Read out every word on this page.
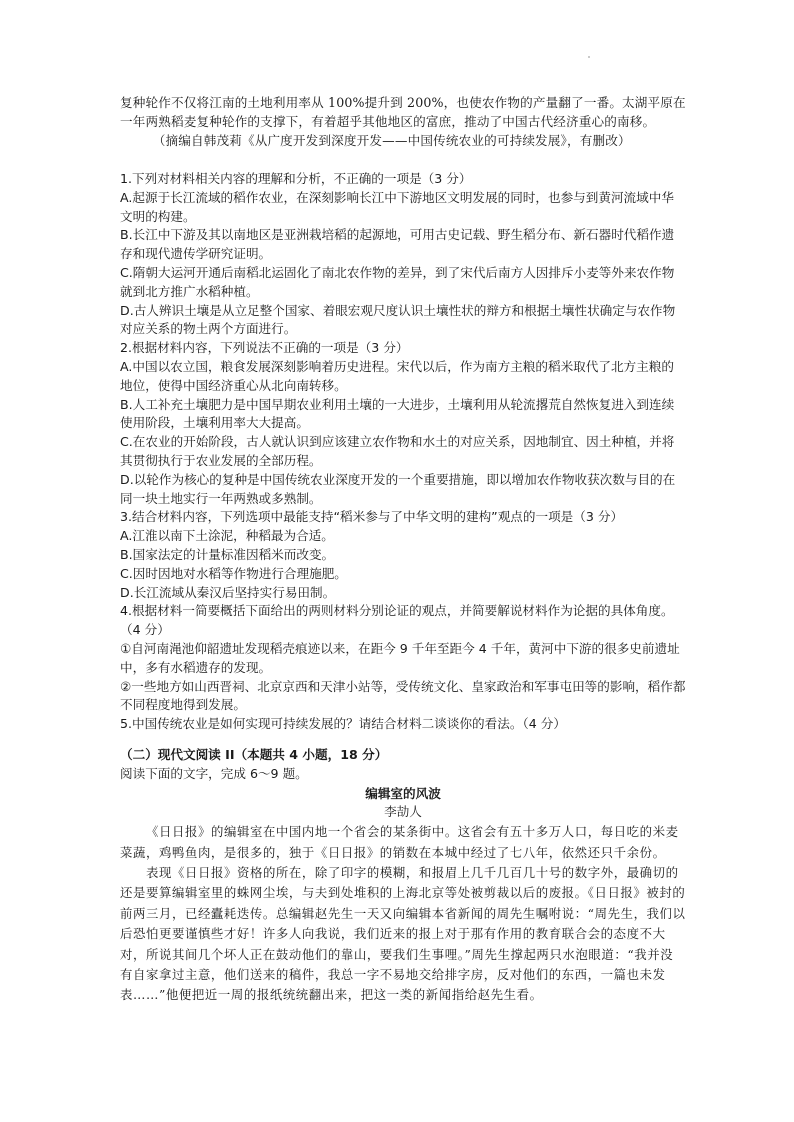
复种轮作不仅将江南的土地利用率从 100%提升到 200%，也使农作物的产量翻了一番。太湖平原在一年两熟稻麦复种轮作的支撑下，有着超乎其他地区的富庶，推动了中国古代经济重心的南移。

（摘编自韩茂莉《从广度开发到深度开发——中国传统农业的可持续发展》，有删改）

1.下列对材料相关内容的理解和分析，不正确的一项是（3 分）

A.起源于长江流域的稻作农业，在深刻影响长江中下游地区文明发展的同时，也参与到黄河流域中华文明的构建。

B.长江中下游及其以南地区是亚洲栽培稻的起源地，可用古史记载、野生稻分布、新石器时代稻作遗存和现代遗传学研究证明。

C.隋朝大运河开通后南稻北运固化了南北农作物的差异，到了宋代后南方人因排斥小麦等外来农作物就到北方推广水稻种植。

D.古人辨识土壤是从立足整个国家、着眼宏观尺度认识土壤性状的辩方和根据土壤性状确定与农作物对应关系的物土两个方面进行。

2.根据材料内容，下列说法不正确的一项是（3 分）

A.中国以农立国，粮食发展深刻影响着历史进程。宋代以后，作为南方主粮的稻米取代了北方主粮的地位，使得中国经济重心从北向南转移。

B.人工补充土壤肥力是中国早期农业利用土壤的一大进步，土壤利用从轮流撂荒自然恢复进入到连续使用阶段，土壤利用率大大提高。

C.在农业的开始阶段，古人就认识到应该建立农作物和水土的对应关系，因地制宜、因土种植，并将其贯彻执行于农业发展的全部历程。

D.以轮作为核心的复种是中国传统农业深度开发的一个重要措施，即以增加农作物收获次数与目的在同一块土地实行一年两熟或多熟制。

3.结合材料内容，下列选项中最能支持“稻米参与了中华文明的建构”观点的一项是（3 分）

A.江淮以南下土涂泥，种稻最为合适。

B.国家法定的计量标准因稻米而改变。

C.因时因地对水稻等作物进行合理施肥。

D.长江流域从秦汉后坚持实行易田制。

4.根据材料一简要概括下面给出的两则材料分别论证的观点，并简要解说材料作为论据的具体角度。（4 分）

①自河南渑池仰韶遗址发现稻壳痕迹以来，在距今 9 千年至距今 4 千年，黄河中下游的很多史前遗址中，多有水稻遗存的发现。

②一些地方如山西晋祠、北京京西和天津小站等，受传统文化、皇家政治和军事屯田等的影响，稻作都不同程度地得到发展。

5.中国传统农业是如何实现可持续发展的？请结合材料二谈谈你的看法。（4 分）

（二）现代文阅读 II（本题共 4 小题，18 分）

阅读下面的文字，完成 6～9 题。

编辑室的风波

李劼人

《日日报》的编辑室在中国内地一个省会的某条街中。这省会有五十多万人口，每日吃的米麦菜蔬，鸡鸭鱼肉，是很多的，独于《日日报》的销数在本城中经过了七八年，依然还只千余份。

表现《日日报》资格的所在，除了印字的模糊，和报眉上几千几百几十号的数字外，最确切的还是要算编辑室里的蛛网尘埃，与夫到处堆积的上海北京等处被剪裁以后的废报。《日日报》被封的前两三月，已经蠹耗迭传。总编辑赵先生一天又向编辑本省新闻的周先生嘱咐说：“周先生，我们以后恐怕更要谨慎些才好！许多人向我说，我们近来的报上对于那有作用的教育联合会的态度不大对，所说其间几个坏人正在鼓动他们的靠山，要我们生事哩。”周先生撑起两只水泡眼道：“我并没有自家拿过主意，他们送来的稿件，我总一字不易地交给排字房，反对他们的东西，一篇也未发表……”他便把近一周的报纸统统翻出来，把这一类的新闻指给赵先生看。
